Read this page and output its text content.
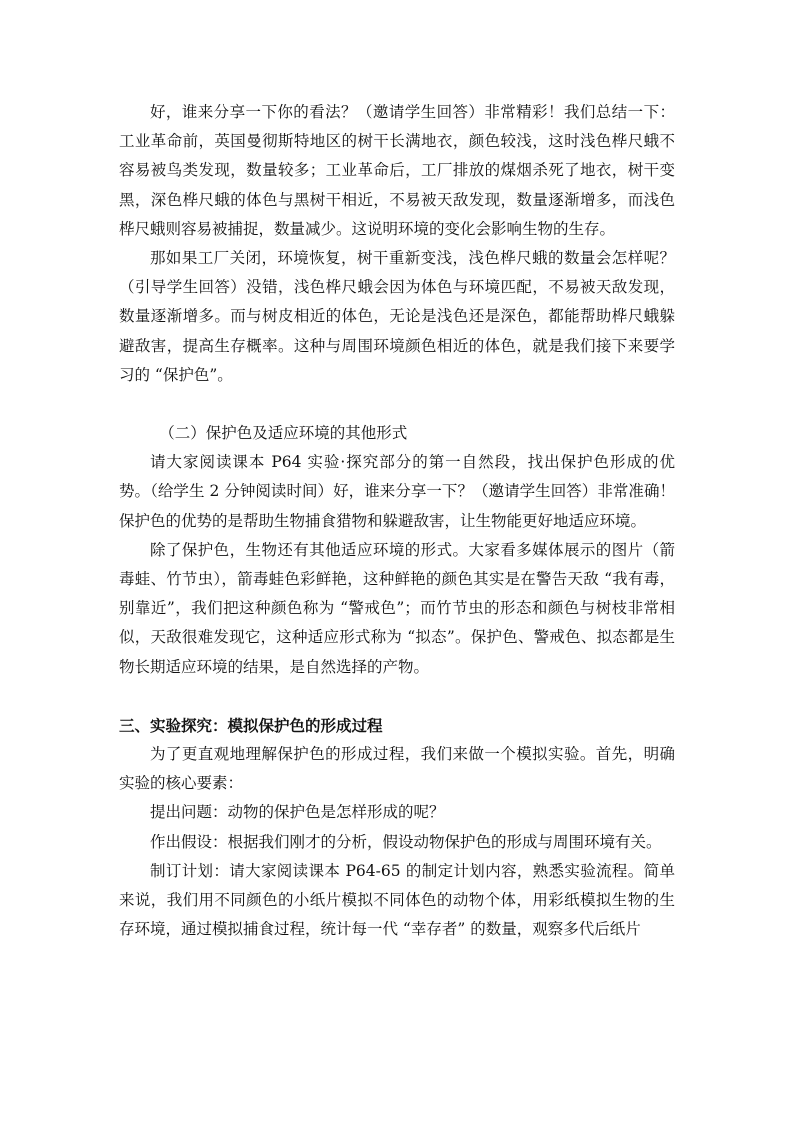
好，谁来分享一下你的看法？（邀请学生回答）非常精彩！我们总结一下：工业革命前，英国曼彻斯特地区的树干长满地衣，颜色较浅，这时浅色桦尺蛾不容易被鸟类发现，数量较多；工业革命后，工厂排放的煤烟杀死了地衣，树干变黑，深色桦尺蛾的体色与黑树干相近，不易被天敌发现，数量逐渐增多，而浅色桦尺蛾则容易被捕捉，数量减少。这说明环境的变化会影响生物的生存。

那如果工厂关闭，环境恢复，树干重新变浅，浅色桦尺蛾的数量会怎样呢？（引导学生回答）没错，浅色桦尺蛾会因为体色与环境匹配，不易被天敌发现，数量逐渐增多。而与树皮相近的体色，无论是浅色还是深色，都能帮助桦尺蛾躲避敌害，提高生存概率。这种与周围环境颜色相近的体色，就是我们接下来要学习的 “保护色”。

（二）保护色及适应环境的其他形式

请大家阅读课本 P64 实验·探究部分的第一自然段，找出保护色形成的优势。（给学生 2 分钟阅读时间）好，谁来分享一下？（邀请学生回答）非常准确！保护色的优势的是帮助生物捕食猎物和躲避敌害，让生物能更好地适应环境。

除了保护色，生物还有其他适应环境的形式。大家看多媒体展示的图片（箭毒蛙、竹节虫），箭毒蛙色彩鲜艳，这种鲜艳的颜色其实是在警告天敌 “我有毒，别靠近”，我们把这种颜色称为 “警戒色”；而竹节虫的形态和颜色与树枝非常相似，天敌很难发现它，这种适应形式称为 “拟态”。保护色、警戒色、拟态都是生物长期适应环境的结果，是自然选择的产物。

三、实验探究：模拟保护色的形成过程

为了更直观地理解保护色的形成过程，我们来做一个模拟实验。首先，明确实验的核心要素：

提出问题：动物的保护色是怎样形成的呢？

作出假设：根据我们刚才的分析，假设动物保护色的形成与周围环境有关。

制订计划：请大家阅读课本 P64-65 的制定计划内容，熟悉实验流程。简单来说，我们用不同颜色的小纸片模拟不同体色的动物个体，用彩纸模拟生物的生存环境，通过模拟捕食过程，统计每一代 “幸存者” 的数量，观察多代后纸片
